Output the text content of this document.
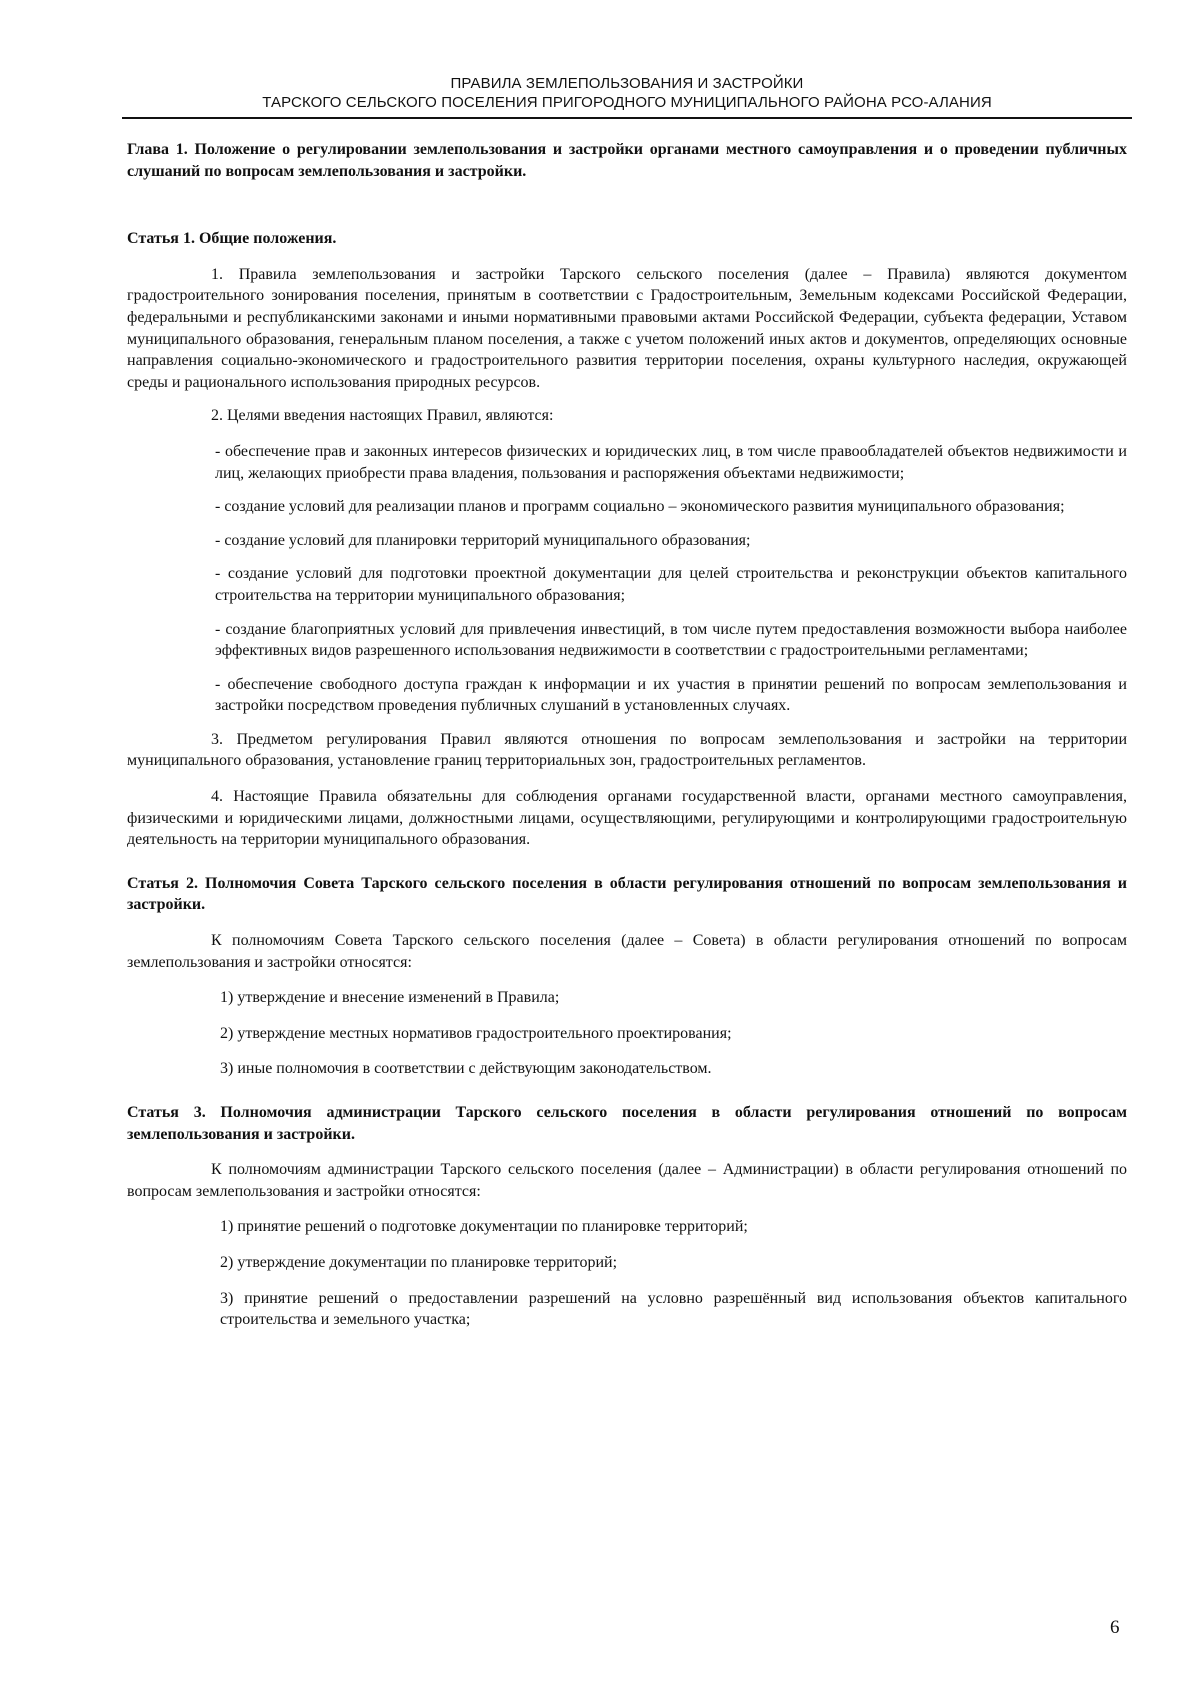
ПРАВИЛА ЗЕМЛЕПОЛЬЗОВАНИЯ И ЗАСТРОЙКИ
ТАРСКОГО СЕЛЬСКОГО ПОСЕЛЕНИЯ ПРИГОРОДНОГО МУНИЦИПАЛЬНОГО РАЙОНА РСО-АЛАНИЯ

Глава 1. Положение о регулировании землепользования и застройки органами местного самоуправления и о проведении публичных слушаний по вопросам землепользования и застройки.

Статья 1. Общие положения.

1. Правила землепользования и застройки Тарского сельского поселения (далее – Правила) являются документом градостроительного зонирования поселения, принятым в соответствии с Градостроительным, Земельным кодексами Российской Федерации, федеральными и республиканскими законами и иными нормативными правовыми актами Российской Федерации, субъекта федерации, Уставом муниципального образования, генеральным планом поселения, а также с учетом положений иных актов и документов, определяющих основные направления социально-экономического и градостроительного развития территории поселения, охраны культурного наследия, окружающей среды и рационального использования природных ресурсов.

2. Целями введения настоящих Правил, являются:

- обеспечение прав и законных интересов физических и юридических лиц, в том числе правообладателей объектов недвижимости и лиц, желающих приобрести права владения, пользования и распоряжения объектами недвижимости;

- создание условий для реализации планов и программ социально – экономического развития муниципального образования;

- создание условий для планировки территорий муниципального образования;

- создание условий для подготовки проектной документации для целей строительства и реконструкции объектов капитального строительства на территории муниципального образования;

- создание благоприятных условий для привлечения инвестиций, в том числе путем предоставления возможности выбора наиболее эффективных видов разрешенного использования недвижимости в соответствии с градостроительными регламентами;

- обеспечение свободного доступа граждан к информации и их участия в принятии решений по вопросам землепользования и застройки посредством проведения публичных слушаний в установленных случаях.

3. Предметом регулирования Правил являются отношения по вопросам землепользования и застройки на территории муниципального образования, установление границ территориальных зон, градостроительных регламентов.

4. Настоящие Правила обязательны для соблюдения органами государственной власти, органами местного самоуправления, физическими и юридическими лицами, должностными лицами, осуществляющими, регулирующими и контролирующими градостроительную деятельность на территории муниципального образования.

Статья 2. Полномочия Совета Тарского сельского поселения в области регулирования отношений по вопросам землепользования и застройки.

К полномочиям Совета Тарского сельского поселения (далее – Совета) в области регулирования отношений по вопросам землепользования и застройки относятся:

1) утверждение и внесение изменений в Правила;

2) утверждение местных нормативов градостроительного проектирования;

3) иные полномочия в соответствии с действующим законодательством.

Статья 3. Полномочия администрации Тарского сельского поселения в области регулирования отношений по вопросам землепользования и застройки.

К полномочиям администрации Тарского сельского поселения (далее – Администрации) в области регулирования отношений по вопросам землепользования и застройки относятся:

1) принятие решений о подготовке документации по планировке территорий;

2) утверждение документации по планировке территорий;

3) принятие решений о предоставлении разрешений на условно разрешённый вид использования объектов капитального строительства и земельного участка;

6
